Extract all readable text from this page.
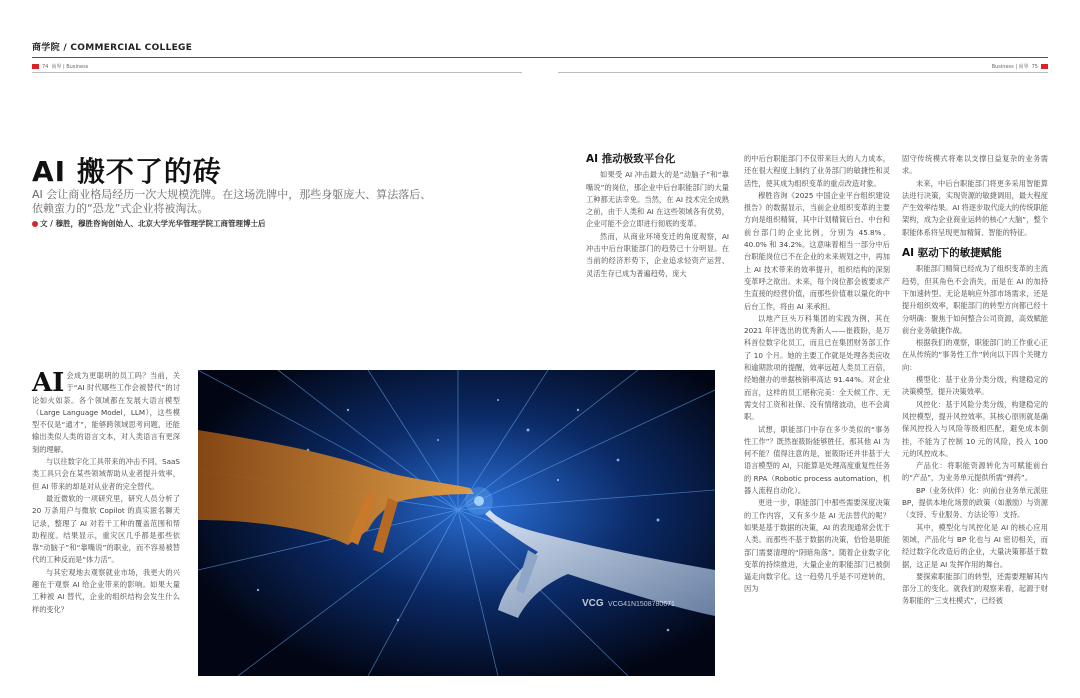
商学院 / COMMERCIAL COLLEGE
74 商界 | Business	Business | 商界 75
AI 搬不了的砖
AI 会让商业格局经历一次大规模洗牌。在这场洗牌中，那些身躯庞大、算法落后、依赖蛮力的“恐龙”式企业将被淘汰。
文 / 穆胜，穆胜咨询创始人、北京大学光华管理学院工商管理博士后

AI 会成为更聪明的员工吗？当前，关于“AI 时代哪些工作会被替代”的讨论如火如荼。各个领域都在发展大语言模型（Large Language Model，LLM），这些模型不仅是“通才”，能够跨领域思考问题，还能输出类似人类的语言文本，对人类语言有更深刻的理解。

与以往数字化工具带来的冲击不同，SaaS 类工具只会在某些领域帮助从业者提升效率，但 AI 带来的却是对从业者的完全替代。

最近微软的一项研究里，研究人员分析了 20 万条用户与微软 Copilot 的真实匿名聊天记录，整理了 AI 对若干工种的覆盖范围和帮助程度。结果显示，重灾区几乎都是那些依靠“动脑子”和“靠嘴说”的职业，而不容易被替代的工种反而是“体力活”。

与其宏观地去观察就业市场，我更大的兴趣在于观察 AI 给企业带来的影响。如果大量工种被 AI 替代，企业的组织结构会发生什么样的变化？

AI 推动极致平台化

如果受 AI 冲击最大的是“动脑子”和“靠嘴说”的岗位，那企业中后台职能部门的大量工种都无法幸免。当然，在 AI 技术完全成熟之前，由于人类和 AI 在这些领域各有优势，企业可能不会立即进行彻底的变革。

然而，从商业环境变迁的角度观察，AI 冲击中后台职能部门的趋势已十分明显。在当前的经济形势下，企业追求轻资产运营、灵活生存已成为普遍趋势，庞大

VCG VCG41N1508780671

的中后台职能部门不仅带来巨大的人力成本，还在很大程度上制约了业务部门的敏捷性和灵活性，使其成为组织变革的重点改造对象。

穆胜咨询《2025 中国企业平台组织建设报告》的数据显示，当前企业组织变革的主要方向是组织精简，其中计划精简后台、中台和前台部门的企业比例，分别为 45.8%、40.0% 和 34.2%。这意味着相当一部分中后台职能岗位已不在企业的未来规划之中，再加上 AI 技术带来的效率提升，组织结构的深刻变革呼之欲出。未来，每个岗位都会被要求产生直接的经营价值，而那些价值难以量化的中后台工作，将由 AI 来承担。

以地产巨头万科集团的实践为例，其在 2021 年评选出的优秀新人——崔筱盼，是万科首位数字化员工，而且已在集团财务部工作了 10 个月。她的主要工作就是处理各类应收和逾期款项的提醒，效率远超人类员工百倍，经她催办的单据核销率高达 91.44%。对企业而言，这样的员工堪称完美：全天候工作、无需支付工资和社保、没有情绪波动，也不会离职。

试想，职能部门中存在多少类似的“事务性工作”？既然崔筱盼能够胜任，那其他 AI 为何不能？值得注意的是，崔筱盼还并非基于大语言模型的 AI，只能算是处理高度重复性任务的 RPA（Robotic process automation，机器人流程自动化）。

更进一步，职能部门中那些需要深度决策的工作内容，又有多少是 AI 无法替代的呢？如果是基于数据的决策，AI 的表现通常会优于人类。而那些不基于数据的决策，恰恰是职能部门需要清理的“阴暗角落”。随着企业数字化变革的持续推进，大量企业的职能部门已被倒逼走向数字化。这一趋势几乎是不可逆转的，因为

固守传统模式将难以支撑日益复杂的业务需求。

未来，中后台职能部门将更多采用智能算法进行决策，实现资源的敏捷调用，最大程度产生效率结果。AI 将逐步取代庞大的传统职能架构，成为企业商业运转的核心“大脑”，整个职能体系将呈现更加精简、智能的特征。

AI 驱动下的敏捷赋能

职能部门精简已经成为了组织变革的主流趋势，但其角色不会消失，而是在 AI 的加持下加速转型。无论是响应外部市场需求，还是提升组织效率，职能部门的转型方向都已经十分明确：聚焦于如何整合公司资源，高效赋能前台业务敏捷作战。

根据我们的观察，职能部门的工作重心正在从传统的“事务性工作”转向以下四个关键方向：

模型化：基于业务分类分级，构建稳定的决策模型，提升决策效率。

风控化：基于风险分类分级，构建稳定的风控模型，提升风控效率。其核心原则就是确保风控投入与风险等级相匹配，避免成本倒挂，不能为了控制 10 元的风险，投入 100 元的风控成本。

产品化：将职能资源转化为可赋能前台的“产品”，为业务单元提供所需“弹药”。

BP（业务伙伴）化：向前台业务单元派驻 BP，提供本地化场景的政策（如激励）与资源（支持、专业服务、方法论等）支持。

其中，模型化与风控化是 AI 的核心应用领域，产品化与 BP 化也与 AI 密切相关，而经过数字化改造后的企业，大量决策都基于数据，这正是 AI 发挥作用的舞台。

要探索职能部门的转型，还需要理解其内部分工的变化。就我们的观察来看，起源于财务职能的“三支柱模式”，已经被
